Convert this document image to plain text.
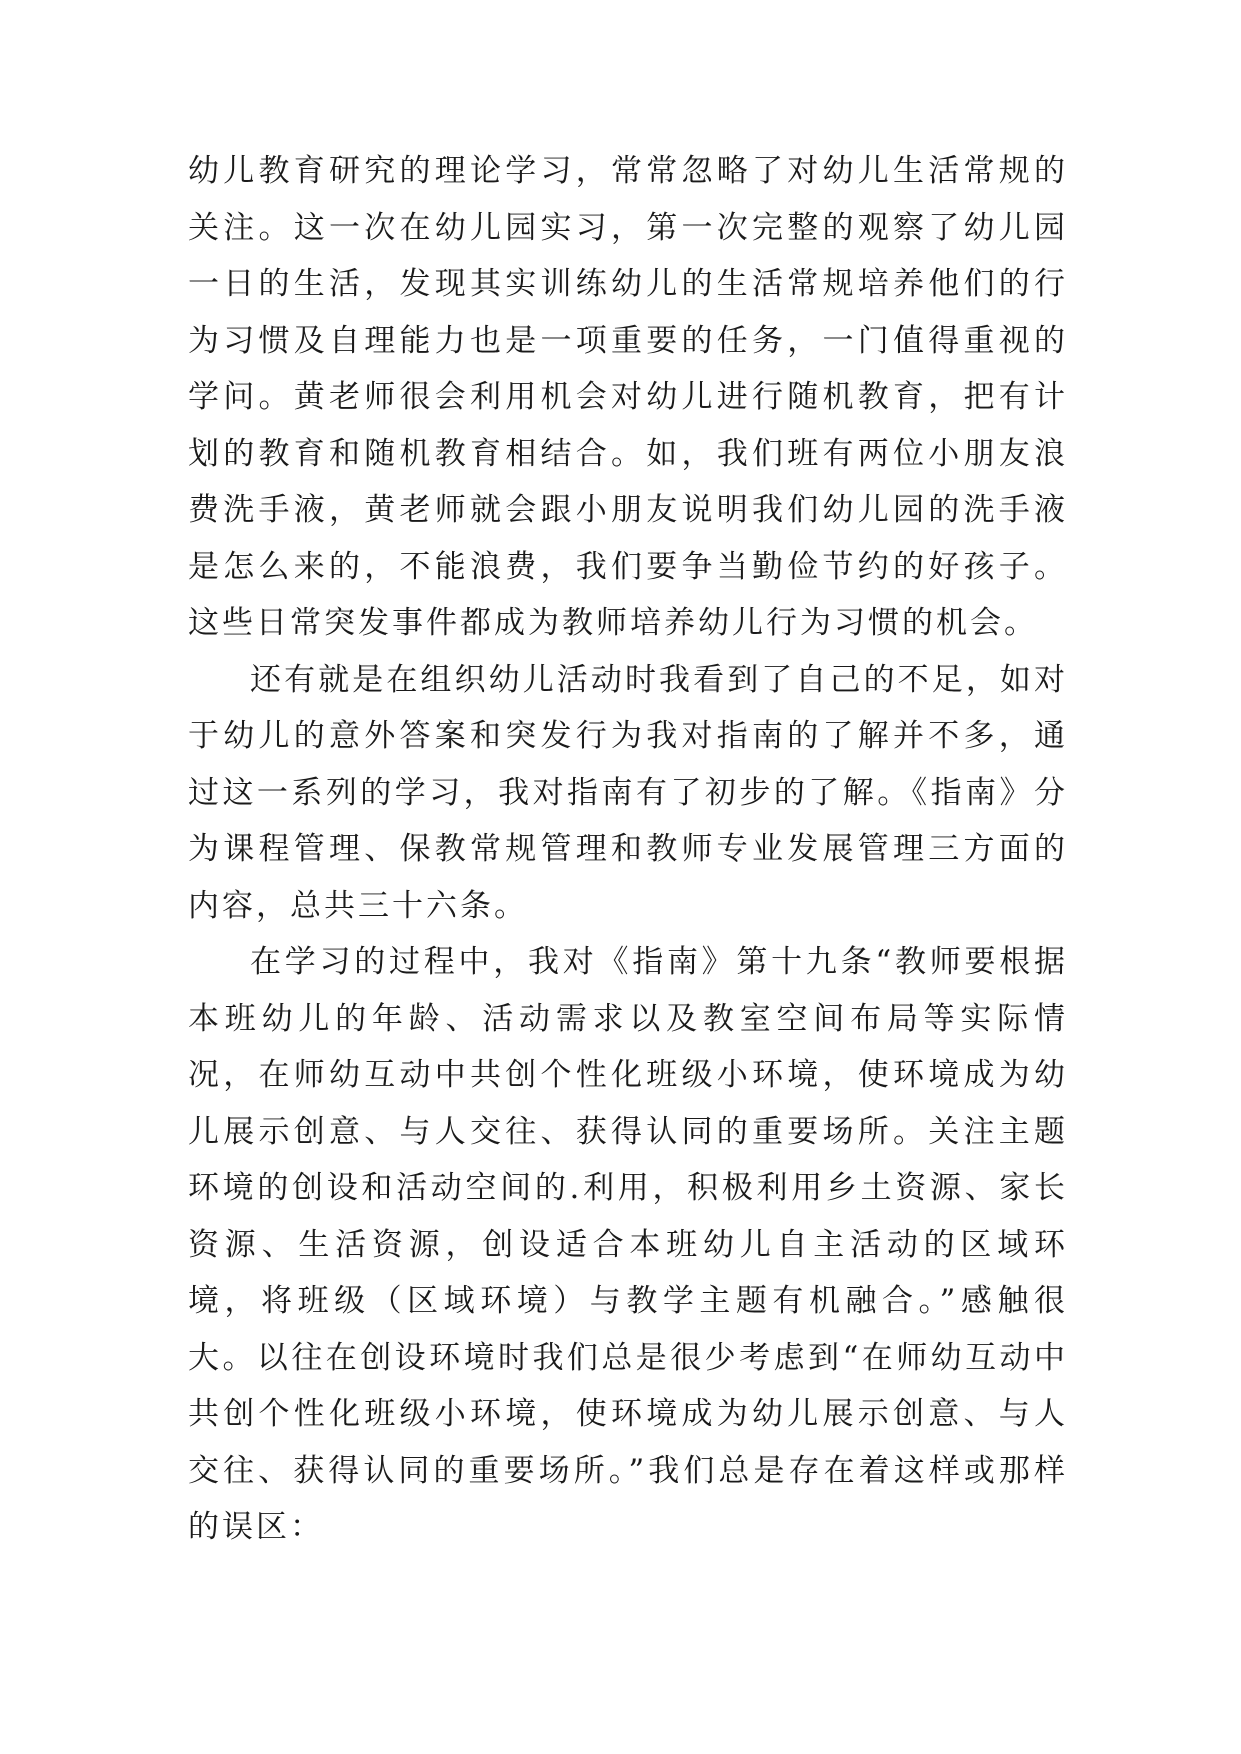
幼儿教育研究的理论学习，常常忽略了对幼儿生活常规的关注。这一次在幼儿园实习，第一次完整的观察了幼儿园一日的生活，发现其实训练幼儿的生活常规培养他们的行为习惯及自理能力也是一项重要的任务，一门值得重视的学问。黄老师很会利用机会对幼儿进行随机教育，把有计划的教育和随机教育相结合。如，我们班有两位小朋友浪费洗手液，黄老师就会跟小朋友说明我们幼儿园的洗手液是怎么来的，不能浪费，我们要争当勤俭节约的好孩子。这些日常突发事件都成为教师培养幼儿行为习惯的机会。

还有就是在组织幼儿活动时我看到了自己的不足，如对于幼儿的意外答案和突发行为我对指南的了解并不多，通过这一系列的学习，我对指南有了初步的了解。《指南》分为课程管理、保教常规管理和教师专业发展管理三方面的内容，总共三十六条。

在学习的过程中，我对《指南》第十九条“教师要根据本班幼儿的年龄、活动需求以及教室空间布局等实际情况，在师幼互动中共创个性化班级小环境，使环境成为幼儿展示创意、与人交往、获得认同的重要场所。关注主题环境的创设和活动空间的.利用，积极利用乡土资源、家长资源、生活资源，创设适合本班幼儿自主活动的区域环境，将班级（区域环境）与教学主题有机融合。”感触很大。以往在创设环境时我们总是很少考虑到“在师幼互动中共创个性化班级小环境，使环境成为幼儿展示创意、与人交往、获得认同的重要场所。”我们总是存在着这样或那样的误区：
